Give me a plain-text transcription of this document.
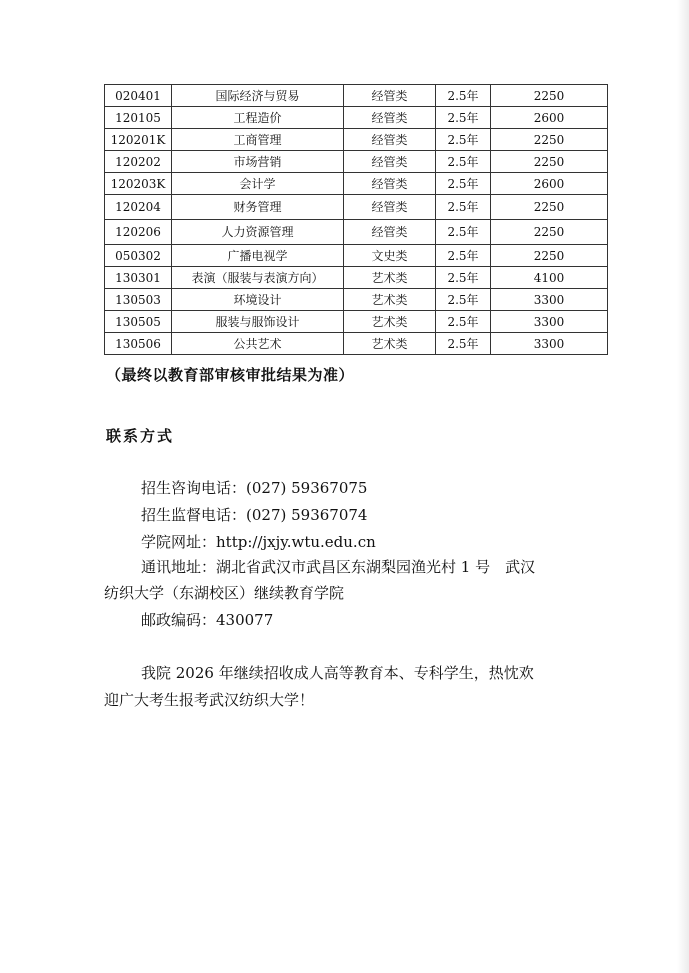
020401	国际经济与贸易	经管类	2.5年	2250
120105	工程造价	经管类	2.5年	2600
120201K	工商管理	经管类	2.5年	2250
120202	市场营销	经管类	2.5年	2250
120203K	会计学	经管类	2.5年	2600
120204	财务管理	经管类	2.5年	2250
120206	人力资源管理	经管类	2.5年	2250
050302	广播电视学	文史类	2.5年	2250
130301	表演（服装与表演方向）	艺术类	2.5年	4100
130503	环境设计	艺术类	2.5年	3300
130505	服装与服饰设计	艺术类	2.5年	3300
130506	公共艺术	艺术类	2.5年	3300
（最终以教育部审核审批结果为准）
联系方式
招生咨询电话：(027) 59367075
招生监督电话：(027) 59367074
学院网址：http://jxjy.wtu.edu.cn
通讯地址：湖北省武汉市武昌区东湖梨园渔光村 1 号　武汉
纺织大学（东湖校区）继续教育学院
邮政编码：430077
我院 2026 年继续招收成人高等教育本、专科学生，热忱欢
迎广大考生报考武汉纺织大学！
